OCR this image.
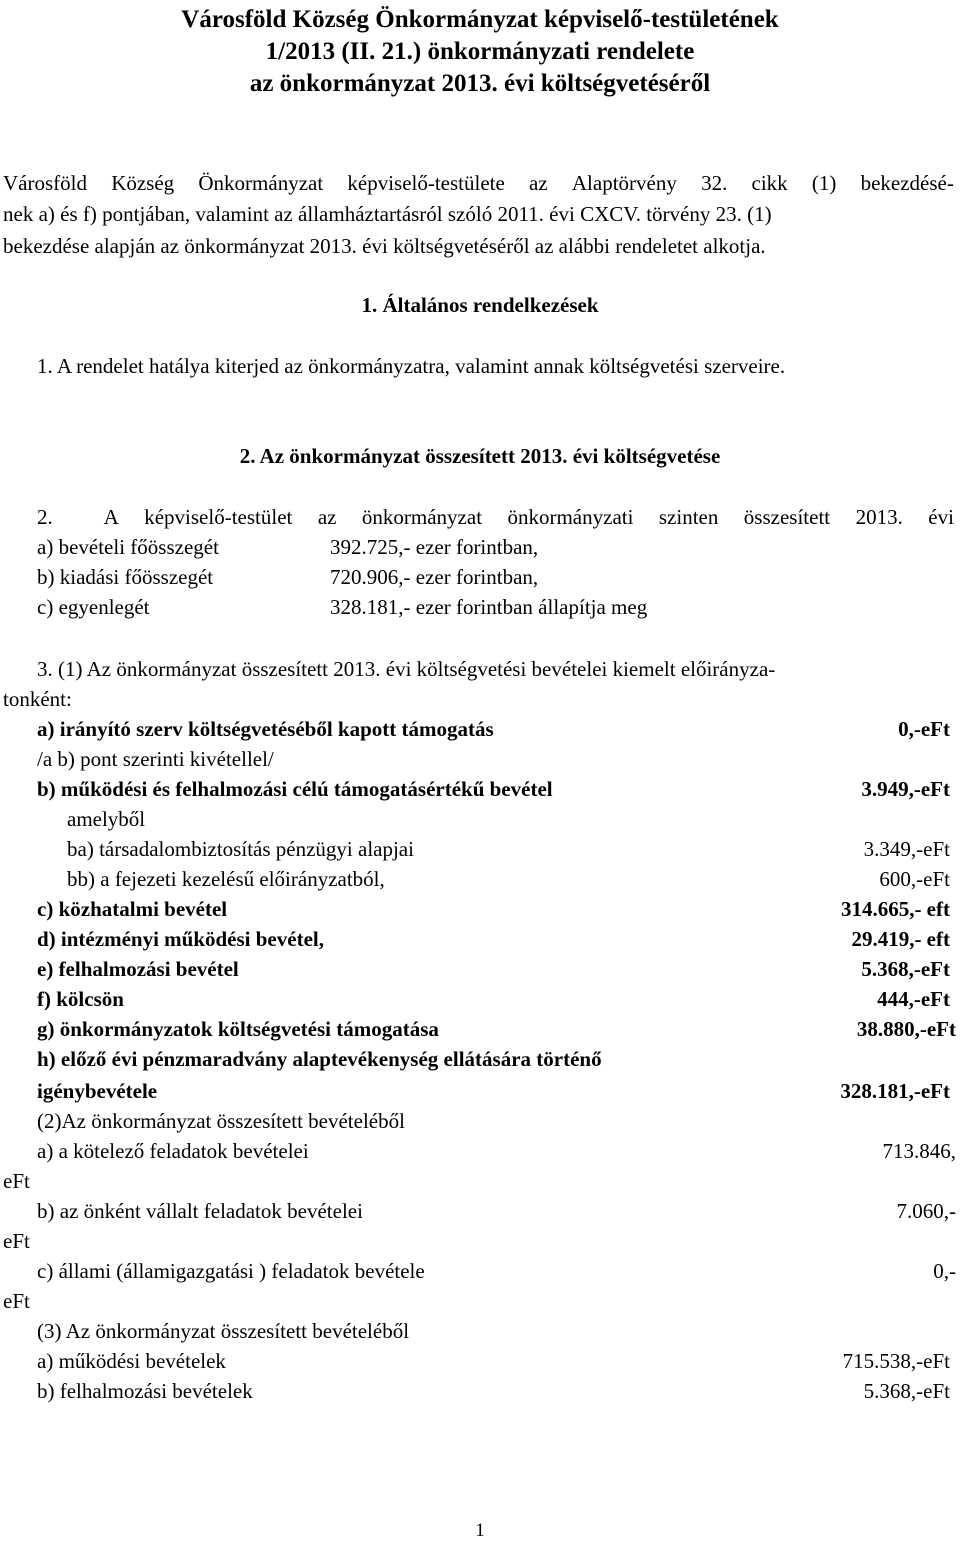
Városföld Község Önkormányzat képviselő-testületének
1/2013 (II. 21.) önkormányzati rendelete
az önkormányzat 2013. évi költségvetéséről
Városföld Község Önkormányzat képviselő-testülete az Alaptörvény 32. cikk (1) bekezdésé-
nek a) és f) pontjában, valamint az államháztartásról szóló 2011. évi CXCV. törvény 23. (1)
bekezdése alapján az önkormányzat 2013. évi költségvetéséről az alábbi rendeletet alkotja.
1. Általános rendelkezések
1. A rendelet hatálya kiterjed az önkormányzatra, valamint annak költségvetési szerveire.
2. Az önkormányzat összesített 2013. évi költségvetése
2. A képviselő-testület az önkormányzat önkormányzati szinten összesített 2013. évi
a) bevételi főösszegét	392.725,- ezer forintban,
b) kiadási főösszegét	720.906,- ezer forintban,
c) egyenlegét	328.181,- ezer forintban állapítja meg
3. (1) Az önkormányzat összesített 2013. évi költségvetési bevételei kiemelt előirányza-
tonként:
a) irányító szerv költségvetéséből kapott támogatás	0,-eFt
/a b) pont szerinti kivétellel/
b) működési és felhalmozási célú támogatásértékű bevétel	3.949,-eFt
amelyből
ba) társadalombiztosítás pénzügyi alapjai	3.349,-eFt
bb) a fejezeti kezelésű előirányzatból,	600,-eFt
c) közhatalmi bevétel	314.665,- eft
d) intézményi működési bevétel,	29.419,- eft
e) felhalmozási bevétel	5.368,-eFt
f) kölcsön	444,-eFt
g) önkormányzatok költségvetési támogatása	38.880,-eFt
h) előző évi pénzmaradvány alaptevékenység ellátására történő
igénybevétele	328.181,-eFt
(2)Az önkormányzat összesített bevételéből
a) a kötelező feladatok bevételei	713.846,
eFt
b) az önként vállalt feladatok bevételei	7.060,-
eFt
c) állami (államigazgatási ) feladatok bevétele	0,-
eFt
(3) Az önkormányzat összesített bevételéből
a) működési bevételek	715.538,-eFt
b) felhalmozási bevételek	5.368,-eFt
1
